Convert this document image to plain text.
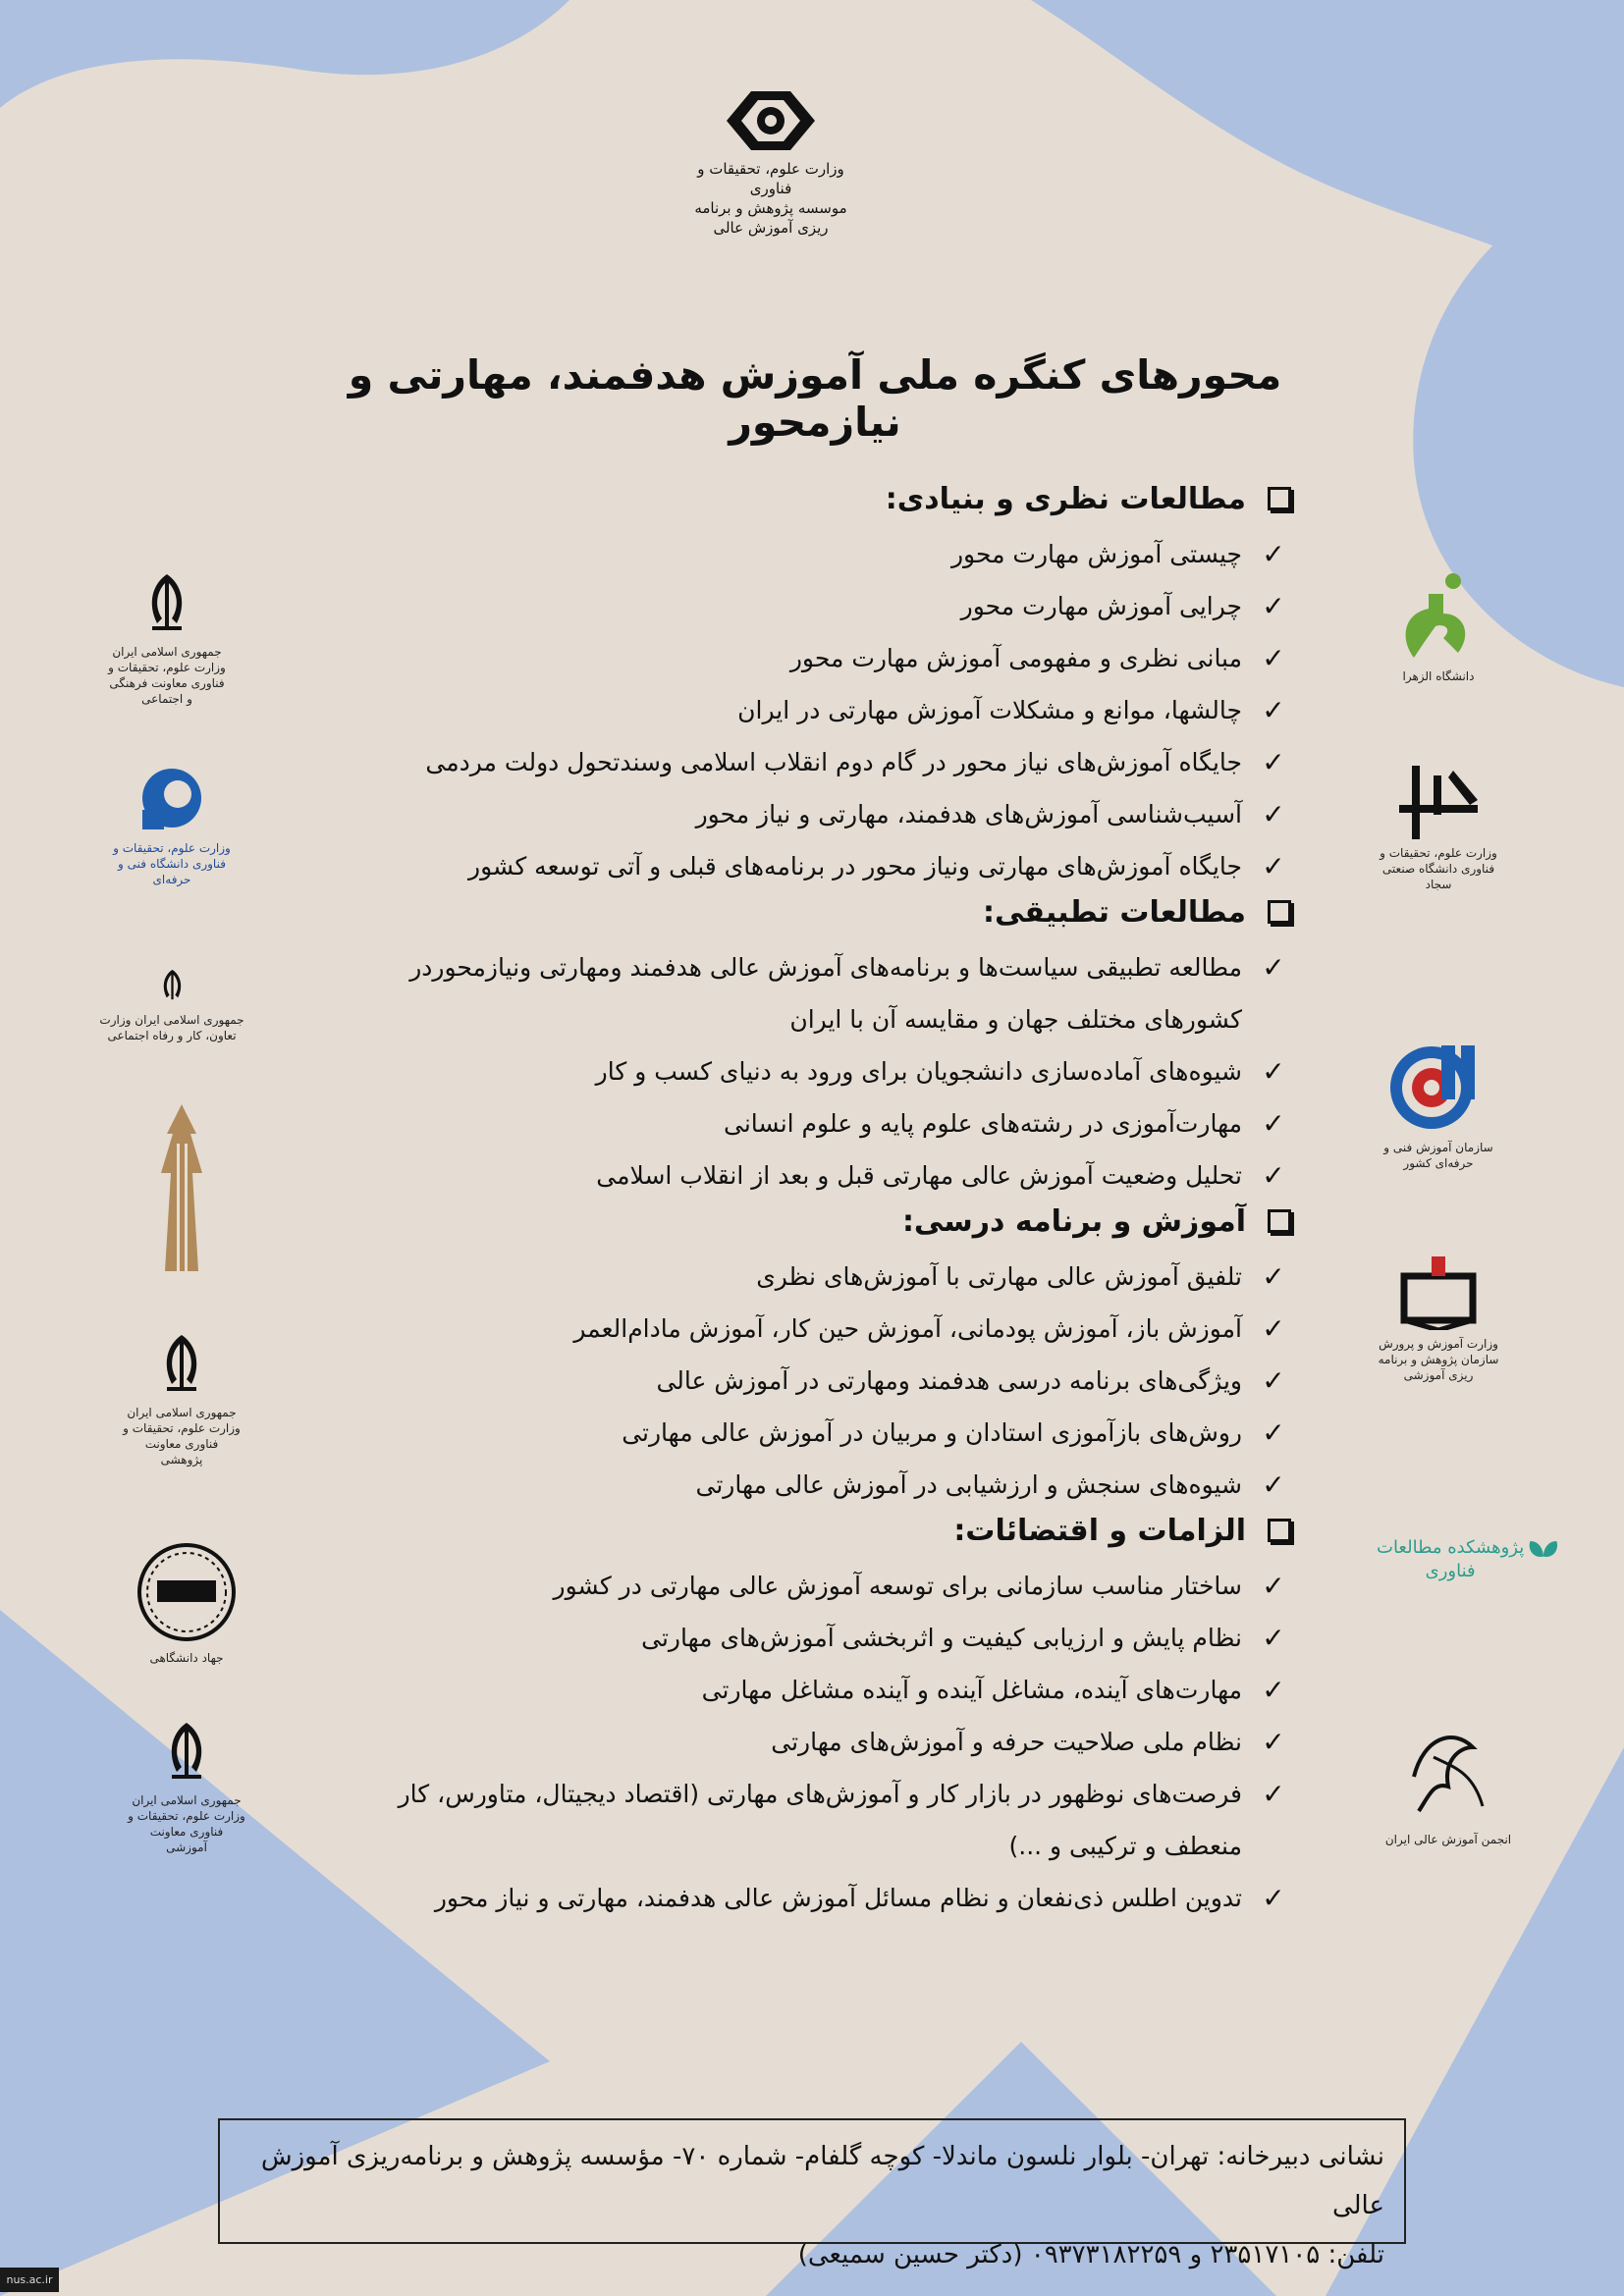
وزارت علوم، تحقیقات و فناوری
موسسه پژوهش و برنامه ریزی آموزش عالی
محورهای کنگره ملی آموزش هدفمند، مهارتی و نیازمحور
مطالعات نظری و بنیادی:
✓
چیستی آموزش مهارت محور
✓
چرایی آموزش مهارت محور
✓
مبانی نظری و مفهومی آموزش مهارت محور
✓
چالشها، موانع و مشکلات آموزش مهارتی در ایران
✓
جایگاه آموزش‌های نیاز محور در گام دوم انقلاب اسلامی وسندتحول دولت مردمی
✓
آسیب‌شناسی آموزش‌های هدفمند، مهارتی و نیاز محور
✓
جایگاه آموزش‌های مهارتی ونیاز محور در برنامه‌های قبلی و آتی توسعه کشور
مطالعات تطبیقی:
✓
مطالعه تطبیقی سیاست‌ها و برنامه‌های آموزش عالی هدفمند ومهارتی ونیازمحوردر کشورهای مختلف جهان و مقایسه آن با ایران
✓
شیوه‌های آماده‌سازی دانشجویان برای ورود به دنیای کسب و کار
✓
مهارت‌آموزی در رشته‌های علوم پایه و علوم انسانی
✓
تحلیل وضعیت آموزش عالی مهارتی قبل و بعد از انقلاب اسلامی
آموزش و برنامه درسی:
✓
تلفیق آموزش عالی مهارتی با آموزش‌های نظری
✓
آموزش باز، آموزش پودمانی، آموزش حین کار، آموزش مادام‌العمر
✓
ویژگی‌های برنامه درسی هدفمند ومهارتی در آموزش عالی
✓
روش‌های بازآموزی استادان و مربیان در آموزش عالی مهارتی
✓
شیوه‌های سنجش و ارزشیابی در آموزش عالی مهارتی
الزامات و اقتضائات:
✓
ساختار مناسب سازمانی برای توسعه آموزش عالی مهارتی در کشور
✓
نظام پایش و ارزیابی کیفیت و اثربخشی آموزش‌های مهارتی
✓
مهارت‌های آینده، مشاغل آینده و آینده مشاغل مهارتی
✓
نظام ملی صلاحیت حرفه و آموزش‌های مهارتی
✓
فرصت‌های نوظهور در بازار کار و آموزش‌های مهارتی (اقتصاد دیجیتال، متاورس، کار منعطف و ترکیبی و ...)
✓
تدوین اطلس ذی‌نفعان و نظام مسائل آموزش عالی هدفمند، مهارتی و نیاز محور
جمهوری اسلامی ایران وزارت علوم، تحقیقات و فناوری معاونت فرهنگی و اجتماعی
وزارت علوم، تحقیقات و فناوری دانشگاه فنی و حرفه‌ای
جمهوری اسلامی ایران وزارت تعاون، کار و رفاه اجتماعی
جمهوری اسلامی ایران وزارت علوم، تحقیقات و فناوری معاونت پژوهشی
جهاد دانشگاهی
جمهوری اسلامی ایران وزارت علوم، تحقیقات و فناوری معاونت آموزشی
دانشگاه الزهرا
وزارت علوم، تحقیقات و فناوری دانشگاه صنعتی سجاد
سازمان آموزش فنی و حرفه‌ای کشور
وزارت آموزش و پرورش سازمان پژوهش و برنامه ریزی آموزشی
پژوهشکده مطالعات فناوری
انجمن آموزش عالی ایران
نشانی دبیرخانه: تهران- بلوار نلسون ماندلا- کوچه گلفام- شماره ۷۰- مؤسسه پژوهش و برنامه‌ریزی آموزش عالی
تلفن: ۲۳۵۱۷۱۰۵ و ۰۹۳۷۳۱۸۲۲۵۹ (دکتر حسین سمیعی)
nus.ac.ir
